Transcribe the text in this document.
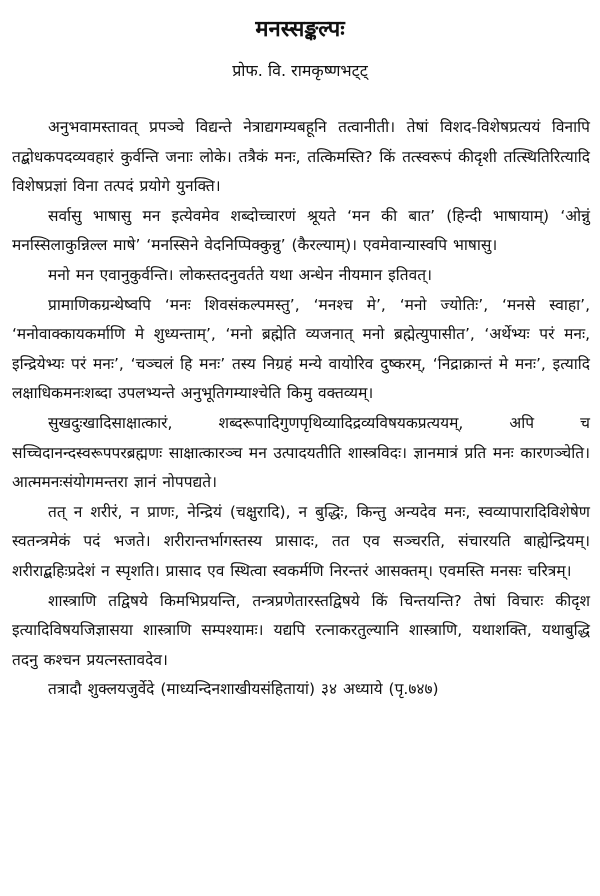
मनस्सङ्कल्पः
प्रोफ. वि. रामकृष्णभट्ट्

अनुभवामस्तावत् प्रपञ्चे विद्यन्ते नेत्राद्यगम्यबहूनि तत्वानीती। तेषां विशद-विशेषप्रत्ययं विनापि तद्बोधकपदव्यवहारं कुर्वन्ति जनाः लोके। तत्रैकं मनः, तत्किमस्ति? किं तत्स्वरूपं कीदृशी तत्स्थितिरित्यादि विशेषप्रज्ञां विना तत्पदं प्रयोगे युनक्ति।

सर्वासु भाषासु मन इत्येवमेव शब्दोच्चारणं श्रूयते ‘मन की बात’ (हिन्दी भाषायाम्) ‘ओन्नुं मनस्सिलाकुन्निल्ल माषे’ ‘मनस्सिने वेदनिप्पिक्कुन्नु’ (कैरल्याम्)। एवमेवान्यास्वपि भाषासु।

मनो मन एवानुकुर्वन्ति। लोकस्तदनुवर्तते यथा अन्धेन नीयमान इतिवत्।

प्रामाणिकग्रन्थेष्वपि ‘मनः शिवसंकल्पमस्तु’, ‘मनश्च मे’, ‘मनो ज्योतिः’, ‘मनसे स्वाहा’, ‘मनोवाक्कायकर्माणि मे शुध्यन्ताम्’, ‘मनो ब्रह्मेति व्यजनात् मनो ब्रह्मेत्युपासीत’, ‘अर्थेभ्यः परं मनः, इन्द्रियेभ्यः परं मनः’, ‘चञ्चलं हि मनः’ तस्य निग्रहं मन्ये वायोरिव दुष्करम्, ‘निद्राक्रान्तं मे मनः’, इत्यादि लक्षाधिकमनःशब्दा उपलभ्यन्ते अनुभूतिगम्याश्चेति किमु वक्तव्यम्।

सुखदुःखादिसाक्षात्कारं, शब्दरूपादिगुणपृथिव्यादिद्रव्यविषयकप्रत्ययम्, अपि च सच्चिदानन्दस्वरूपपरब्रह्मणः साक्षात्कारञ्च मन उत्पादयतीति शास्त्रविदः। ज्ञानमात्रं प्रति मनः कारणञ्चेति। आत्ममनःसंयोगमन्तरा ज्ञानं नोपपद्यते।

तत् न शरीरं, न प्राणः, नेन्द्रियं (चक्षुरादि), न बुद्धिः, किन्तु अन्यदेव मनः, स्वव्यापारादिविशेषेण स्वतन्त्रमेकं पदं भजते। शरीरान्तर्भागस्तस्य प्रासादः, तत एव सञ्चरति, संचारयति बाह्येन्द्रियम्। शरीराद्बहिःप्रदेशं न स्पृशति। प्रासाद एव स्थित्वा स्वकर्मणि निरन्तरं आसक्तम्। एवमस्ति मनसः चरित्रम्।

शास्त्राणि तद्विषये किमभिप्रयन्ति, तन्त्रप्रणेतारस्तद्विषये किं चिन्तयन्ति? तेषां विचारः कीदृश इत्यादिविषयजिज्ञासया शास्त्राणि सम्पश्यामः। यद्यपि रत्नाकरतुल्यानि शास्त्राणि, यथाशक्ति, यथाबुद्धि तदनु कश्चन प्रयत्नस्तावदेव।

तत्रादौ शुक्लयजुर्वेदे (माध्यन्दिनशाखीयसंहितायां) ३४ अध्याये (पृ.७४७)
